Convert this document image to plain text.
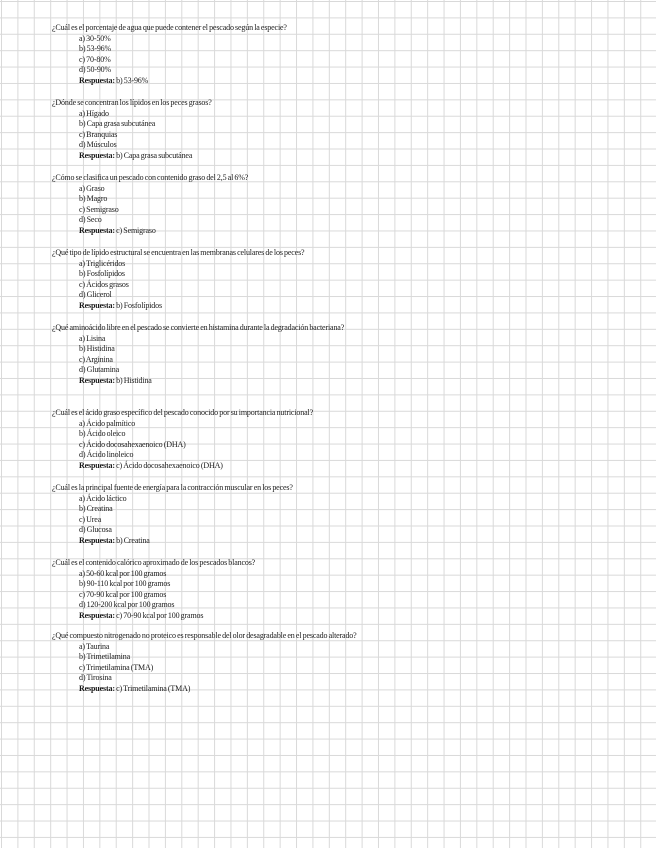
¿Cuál es el porcentaje de agua que puede contener el pescado según la especie?

a) 30-50%
b) 53-96%
c) 70-80%
d) 50-90%
Respuesta: b) 53-96%

¿Dónde se concentran los lípidos en los peces grasos?

a) Hígado
b) Capa grasa subcutánea
c) Branquias
d) Músculos
Respuesta: b) Capa grasa subcutánea

¿Cómo se clasifica un pescado con contenido graso del 2,5 al 6%?

a) Graso
b) Magro
c) Semigraso
d) Seco
Respuesta: c) Semigraso

¿Qué tipo de lípido estructural se encuentra en las membranas celulares de los peces?

a) Triglicéridos
b) Fosfolípidos
c) Ácidos grasos
d) Glicerol
Respuesta: b) Fosfolípidos

¿Qué aminoácido libre en el pescado se convierte en histamina durante la degradación bacteriana?

a) Lisina
b) Histidina
c) Arginina
d) Glutamina
Respuesta: b) Histidina

¿Cuál es el ácido graso específico del pescado conocido por su importancia nutricional?

a) Ácido palmítico
b) Ácido oleico
c) Ácido docosahexaenoico (DHA)
d) Ácido linoleico
Respuesta: c) Ácido docosahexaenoico (DHA)

¿Cuál es la principal fuente de energía para la contracción muscular en los peces?

a) Ácido láctico
b) Creatina
c) Urea
d) Glucosa
Respuesta: b) Creatina

¿Cuál es el contenido calórico aproximado de los pescados blancos?

a) 50-60 kcal por 100 gramos
b) 90-110 kcal por 100 gramos
c) 70-90 kcal por 100 gramos
d) 120-200 kcal por 100 gramos
Respuesta: c) 70-90 kcal por 100 gramos

¿Qué compuesto nitrogenado no proteico es responsable del olor desagradable en el pescado alterado?

a) Taurina
b) Trimetilamina
c) Trimetilamina (TMA)
d) Tirosina
Respuesta: c) Trimetilamina (TMA)
